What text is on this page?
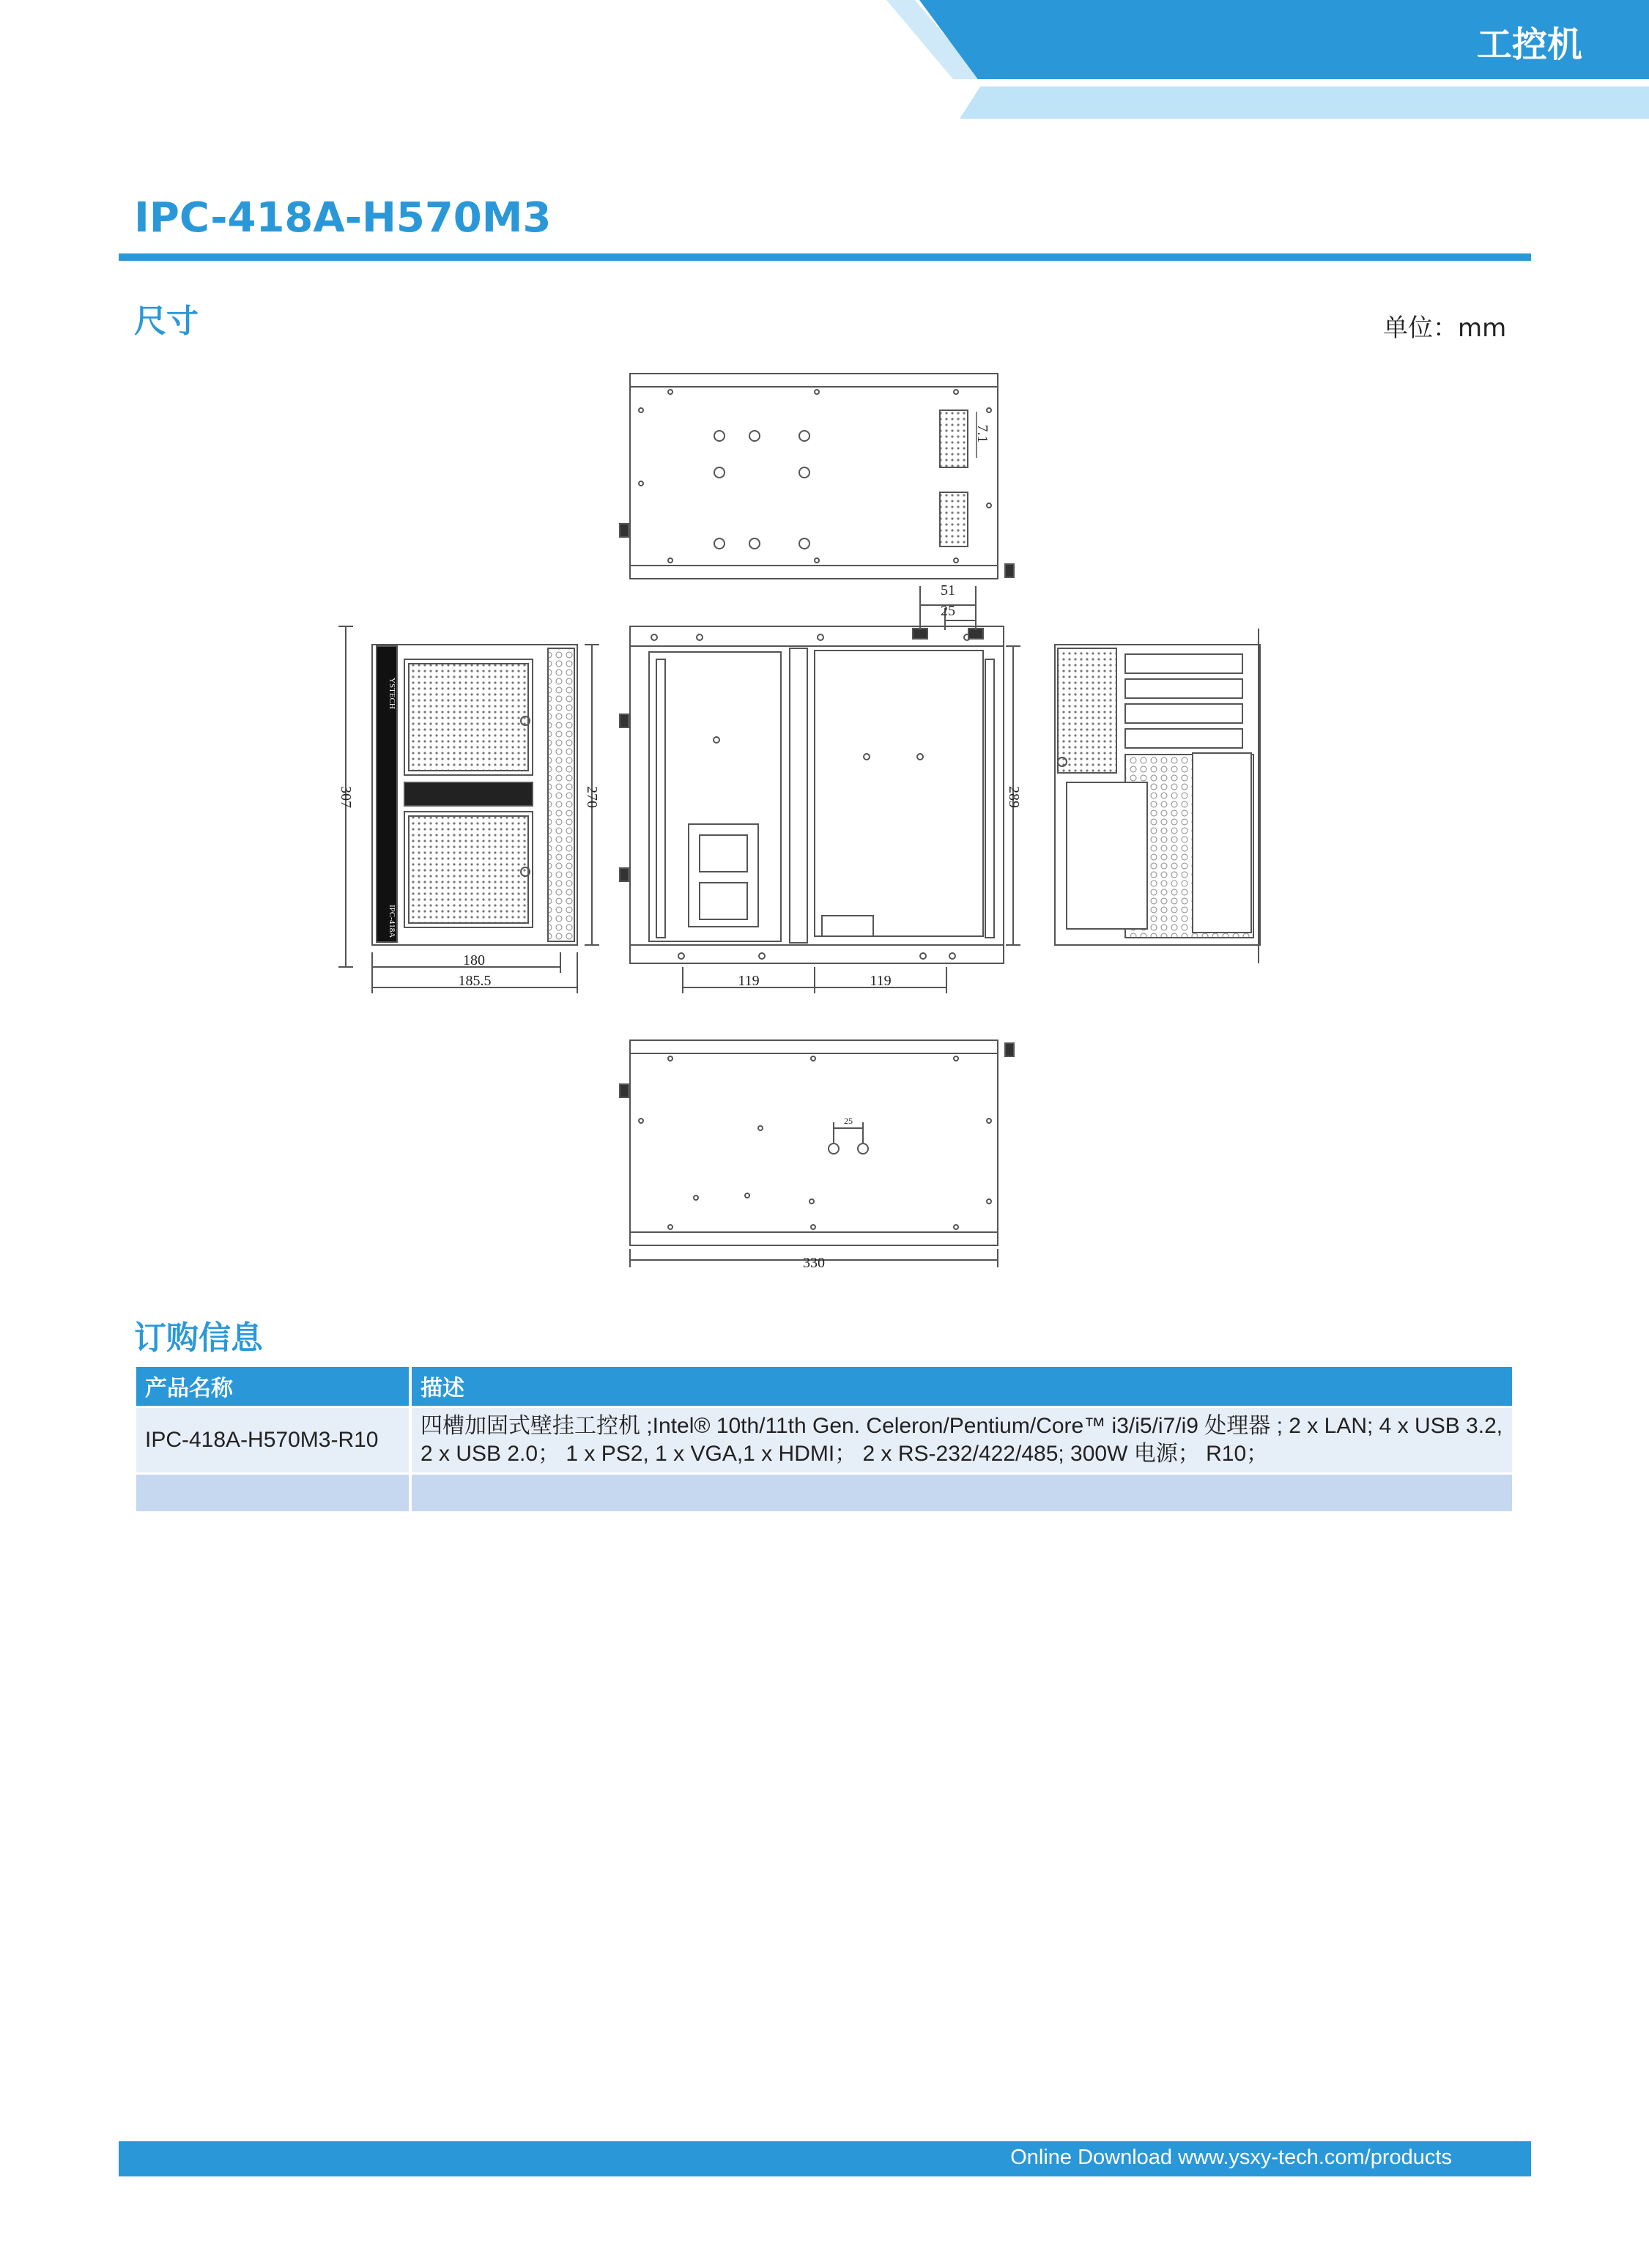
工控机
IPC-418A-H570M3
尺寸	单位：mm
7.1
51
25
307	270	289
180
185.5	119	119
25
330
YSTECH
IPC-418A
订购信息
产品名称	描述
IPC-418A-H570M3-R10	四槽加固式壁挂工控机 ;Intel® 10th/11th Gen. Celeron/Pentium/Core™ i3/i5/i7/i9 处理器 ; 2 x LAN; 4 x USB 3.2,
2 x USB 2.0； 1 x PS2, 1 x VGA,1 x HDMI； 2 x RS-232/422/485; 300W 电源； R10；

Online Download www.ysxy-tech.com/products
